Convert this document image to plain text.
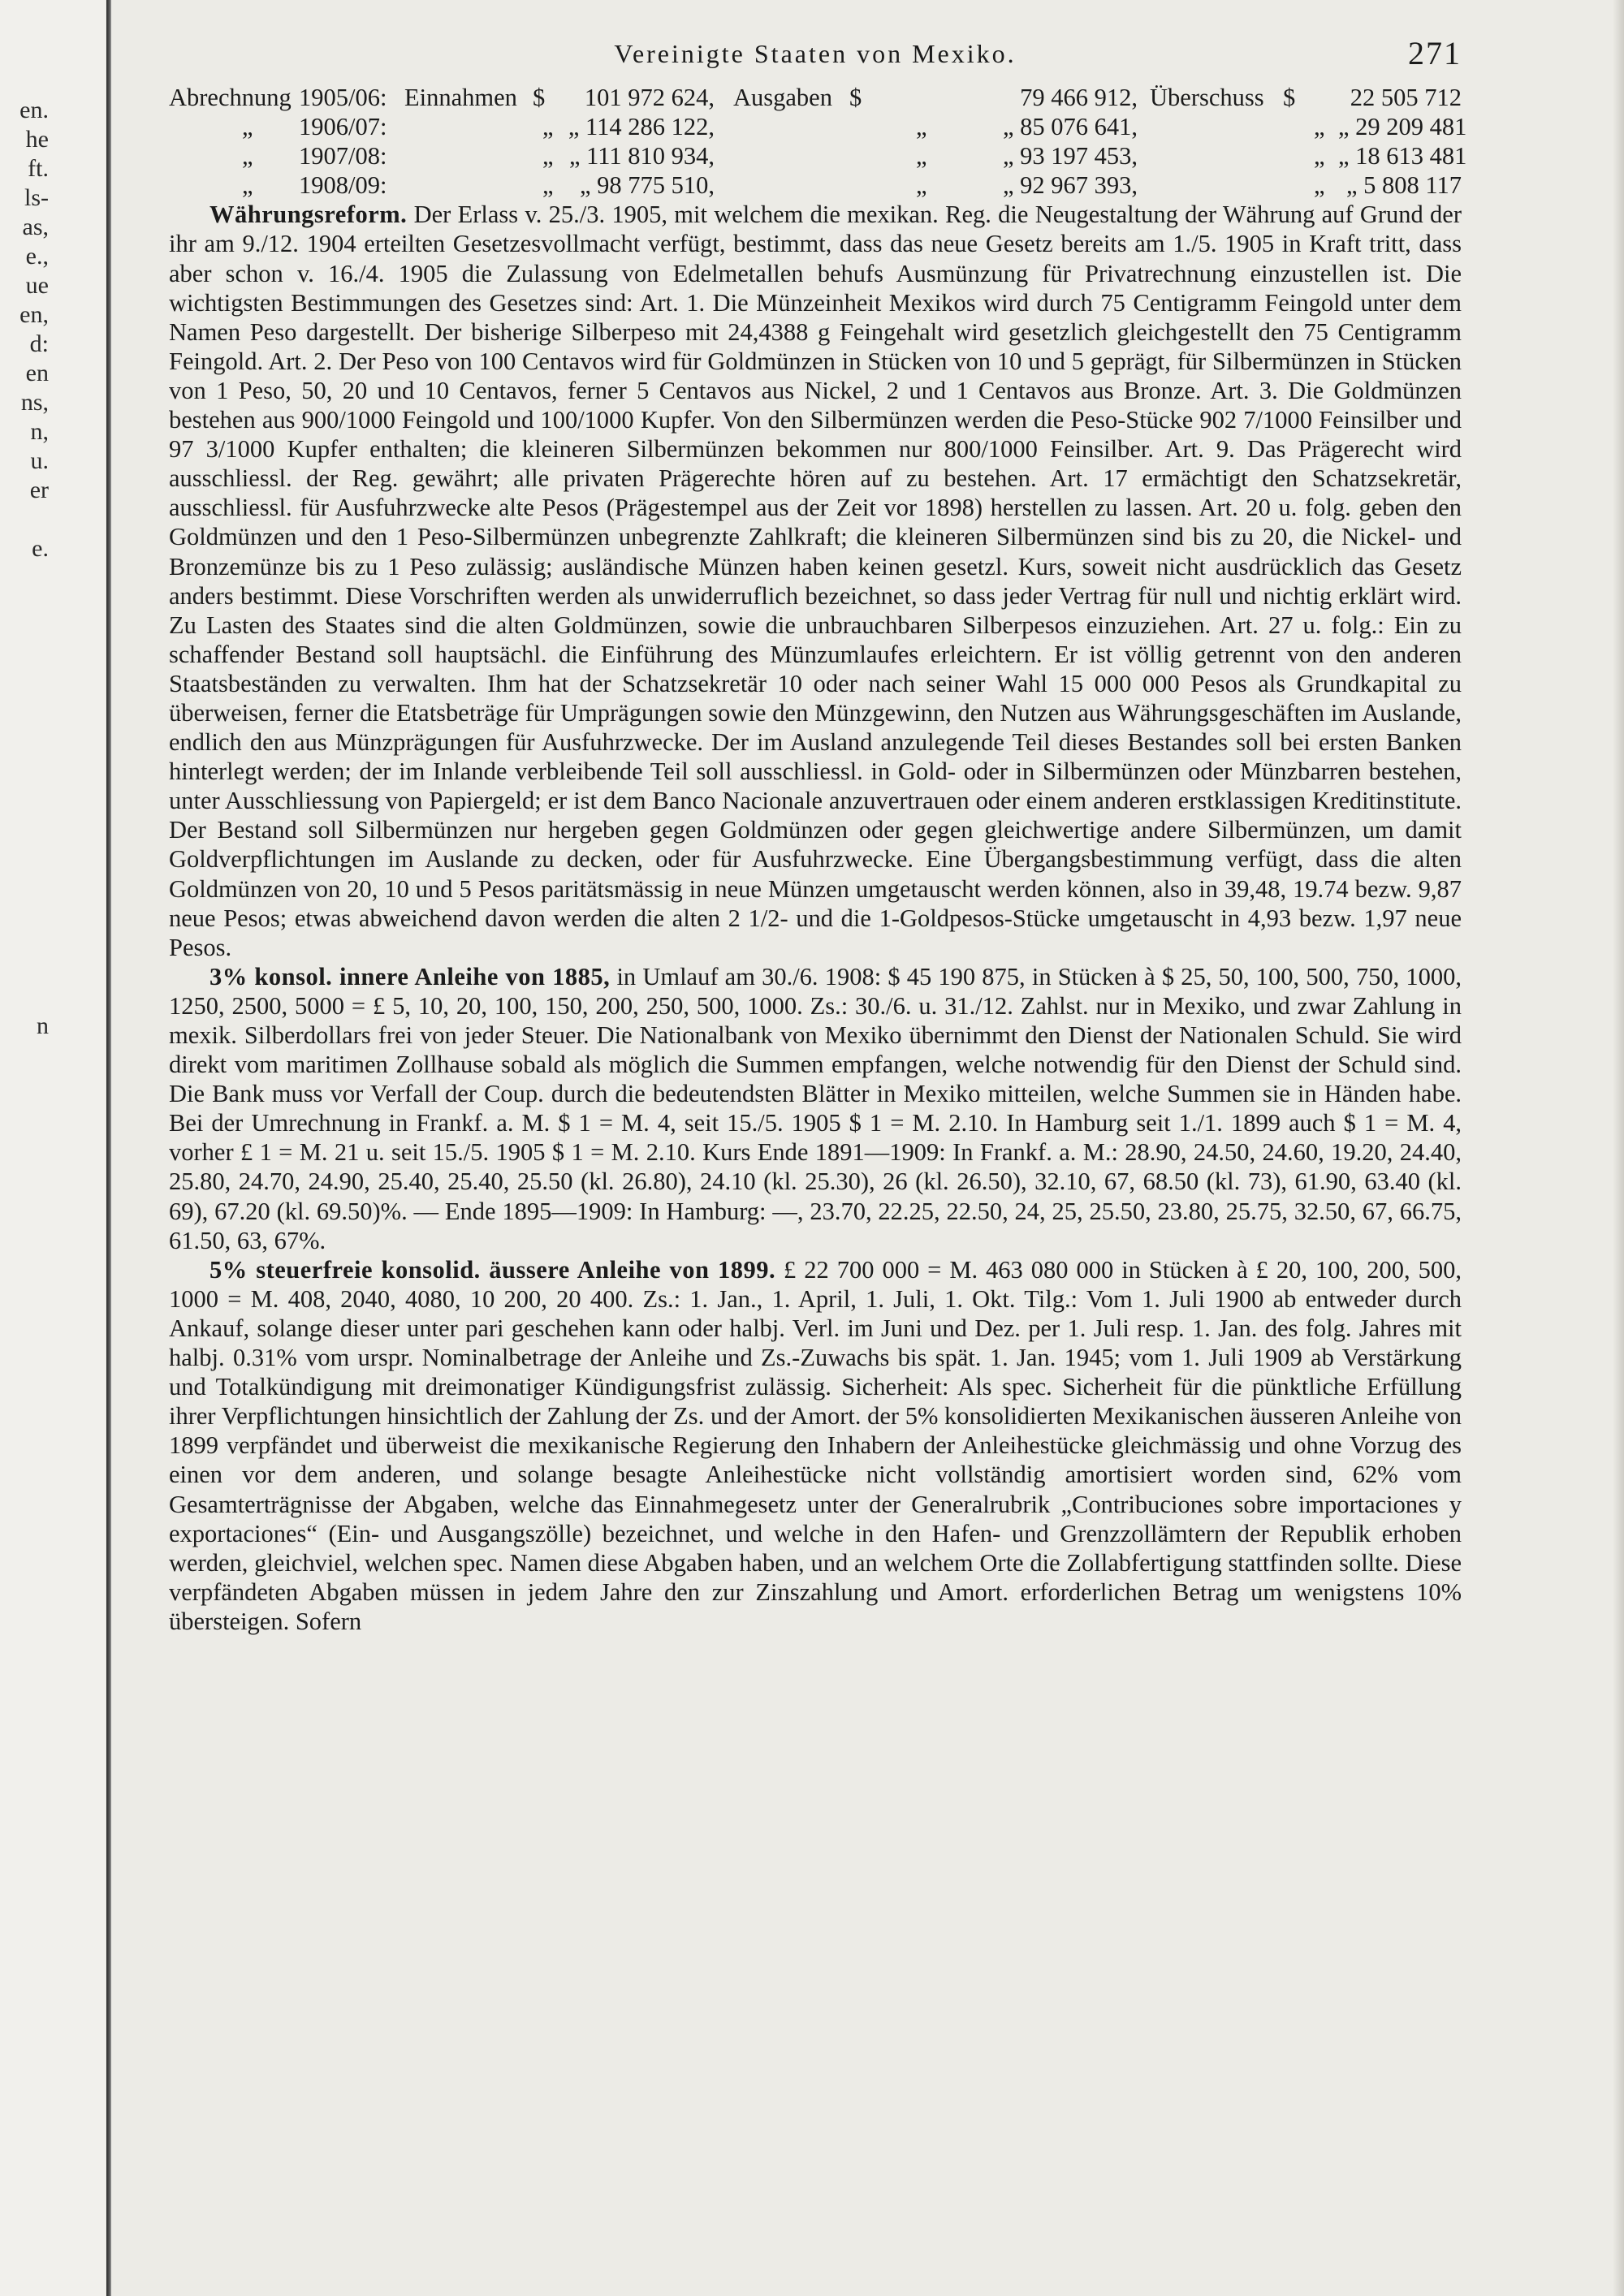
en.
he
ft.
ls-
as,
e.,
ue
en,
d:
en
ns,
n,
u.
er
e.
n
Vereinigte Staaten von Mexiko.	271
Abrechnung 1905/06: Einnahmen $	101 972 624, Ausgaben $	79 466 912, Überschuss $	22 505 712
„ 1906/07:	„ „ 114 286 122,	„	„ 85 076 641,	„ „ 29 209 481
„ 1907/08:	„ „ 111 810 934,	„	„ 93 197 453,	„ „ 18 613 481
„ 1908/09:	„	„ 98 775 510,	„	„ 92 967 393,	„ „ 5 808 117

Währungsreform. Der Erlass v. 25./3. 1905, mit welchem die mexikan. Reg. die Neugestaltung der Währung auf Grund der ihr am 9./12. 1904 erteilten Gesetzesvollmacht verfügt, bestimmt, dass das neue Gesetz bereits am 1./5. 1905 in Kraft tritt, dass aber schon v. 16./4. 1905 die Zulassung von Edelmetallen behufs Ausmünzung für Privatrechnung einzustellen ist. Die wichtigsten Bestimmungen des Gesetzes sind: Art. 1. Die Münzeinheit Mexikos wird durch 75 Centigramm Feingold unter dem Namen Peso dargestellt. Der bisherige Silberpeso mit 24,4388 g Feingehalt wird gesetzlich gleichgestellt den 75 Centigramm Feingold. Art. 2. Der Peso von 100 Centavos wird für Goldmünzen in Stücken von 10 und 5 geprägt, für Silbermünzen in Stücken von 1 Peso, 50, 20 und 10 Centavos, ferner 5 Centavos aus Nickel, 2 und 1 Centavos aus Bronze. Art. 3. Die Goldmünzen bestehen aus 900/1000 Feingold und 100/1000 Kupfer. Von den Silbermünzen werden die Peso-Stücke 902 7/1000 Feinsilber und 97 3/1000 Kupfer enthalten; die kleineren Silbermünzen bekommen nur 800/1000 Feinsilber. Art. 9. Das Prägerecht wird ausschliessl. der Reg. gewährt; alle privaten Prägerechte hören auf zu bestehen. Art. 17 ermächtigt den Schatzsekretär, ausschliessl. für Ausfuhrzwecke alte Pesos (Prägestempel aus der Zeit vor 1898) herstellen zu lassen. Art. 20 u. folg. geben den Goldmünzen und den 1 Peso-Silbermünzen unbegrenzte Zahlkraft; die kleineren Silbermünzen sind bis zu 20, die Nickel- und Bronzemünze bis zu 1 Peso zulässig; ausländische Münzen haben keinen gesetzl. Kurs, soweit nicht ausdrücklich das Gesetz anders bestimmt. Diese Vorschriften werden als unwiderruflich bezeichnet, so dass jeder Vertrag für null und nichtig erklärt wird. Zu Lasten des Staates sind die alten Goldmünzen, sowie die unbrauchbaren Silberpesos einzuziehen. Art. 27 u. folg.: Ein zu schaffender Bestand soll hauptsächl. die Einführung des Münzumlaufes erleichtern. Er ist völlig getrennt von den anderen Staatsbeständen zu verwalten. Ihm hat der Schatzsekretär 10 oder nach seiner Wahl 15 000 000 Pesos als Grundkapital zu überweisen, ferner die Etatsbeträge für Umprägungen sowie den Münzgewinn, den Nutzen aus Währungsgeschäften im Auslande, endlich den aus Münzprägungen für Ausfuhrzwecke. Der im Ausland anzulegende Teil dieses Bestandes soll bei ersten Banken hinterlegt werden; der im Inlande verbleibende Teil soll ausschliessl. in Gold- oder in Silbermünzen oder Münzbarren bestehen, unter Ausschliessung von Papiergeld; er ist dem Banco Nacionale anzuvertrauen oder einem anderen erstklassigen Kreditinstitute. Der Bestand soll Silbermünzen nur hergeben gegen Goldmünzen oder gegen gleichwertige andere Silbermünzen, um damit Goldverpflichtungen im Auslande zu decken, oder für Ausfuhrzwecke. Eine Übergangsbestimmung verfügt, dass die alten Goldmünzen von 20, 10 und 5 Pesos paritätsmässig in neue Münzen umgetauscht werden können, also in 39,48, 19.74 bezw. 9,87 neue Pesos; etwas abweichend davon werden die alten 2 1/2- und die 1-Goldpesos-Stücke umgetauscht in 4,93 bezw. 1,97 neue Pesos.

3% konsol. innere Anleihe von 1885, in Umlauf am 30./6. 1908: $ 45 190 875, in Stücken à $ 25, 50, 100, 500, 750, 1000, 1250, 2500, 5000 = £ 5, 10, 20, 100, 150, 200, 250, 500, 1000. Zs.: 30./6. u. 31./12. Zahlst. nur in Mexiko, und zwar Zahlung in mexik. Silberdollars frei von jeder Steuer. Die Nationalbank von Mexiko übernimmt den Dienst der Nationalen Schuld. Sie wird direkt vom maritimen Zollhause sobald als möglich die Summen empfangen, welche notwendig für den Dienst der Schuld sind. Die Bank muss vor Verfall der Coup. durch die bedeutendsten Blätter in Mexiko mitteilen, welche Summen sie in Händen habe. Bei der Umrechnung in Frankf. a. M. $ 1 = M. 4, seit 15./5. 1905 $ 1 = M. 2.10. In Hamburg seit 1./1. 1899 auch $ 1 = M. 4, vorher £ 1 = M. 21 u. seit 15./5. 1905 $ 1 = M. 2.10. Kurs Ende 1891—1909: In Frankf. a. M.: 28.90, 24.50, 24.60, 19.20, 24.40, 25.80, 24.70, 24.90, 25.40, 25.40, 25.50 (kl. 26.80), 24.10 (kl. 25.30), 26 (kl. 26.50), 32.10, 67, 68.50 (kl. 73), 61.90, 63.40 (kl. 69), 67.20 (kl. 69.50)%. — Ende 1895—1909: In Hamburg: —, 23.70, 22.25, 22.50, 24, 25, 25.50, 23.80, 25.75, 32.50, 67, 66.75, 61.50, 63, 67%.

5% steuerfreie konsolid. äussere Anleihe von 1899. £ 22 700 000 = M. 463 080 000 in Stücken à £ 20, 100, 200, 500, 1000 = M. 408, 2040, 4080, 10 200, 20 400. Zs.: 1. Jan., 1. April, 1. Juli, 1. Okt. Tilg.: Vom 1. Juli 1900 ab entweder durch Ankauf, solange dieser unter pari geschehen kann oder halbj. Verl. im Juni und Dez. per 1. Juli resp. 1. Jan. des folg. Jahres mit halbj. 0.31% vom urspr. Nominalbetrage der Anleihe und Zs.-Zuwachs bis spät. 1. Jan. 1945; vom 1. Juli 1909 ab Verstärkung und Totalkündigung mit dreimonatiger Kündigungsfrist zulässig. Sicherheit: Als spec. Sicherheit für die pünktliche Erfüllung ihrer Verpflichtungen hinsichtlich der Zahlung der Zs. und der Amort. der 5% konsolidierten Mexikanischen äusseren Anleihe von 1899 verpfändet und überweist die mexikanische Regierung den Inhabern der Anleihestücke gleichmässig und ohne Vorzug des einen vor dem anderen, und solange besagte Anleihestücke nicht vollständig amortisiert worden sind, 62% vom Gesamterträgnisse der Abgaben, welche das Einnahmegesetz unter der Generalrubrik „Contribuciones sobre importaciones y exportaciones“ (Ein- und Ausgangszölle) bezeichnet, und welche in den Hafen- und Grenzzollämtern der Republik erhoben werden, gleichviel, welchen spec. Namen diese Abgaben haben, und an welchem Orte die Zollabfertigung stattfinden sollte. Diese verpfändeten Abgaben müssen in jedem Jahre den zur Zinszahlung und Amort. erforderlichen Betrag um wenigstens 10% übersteigen. Sofern
